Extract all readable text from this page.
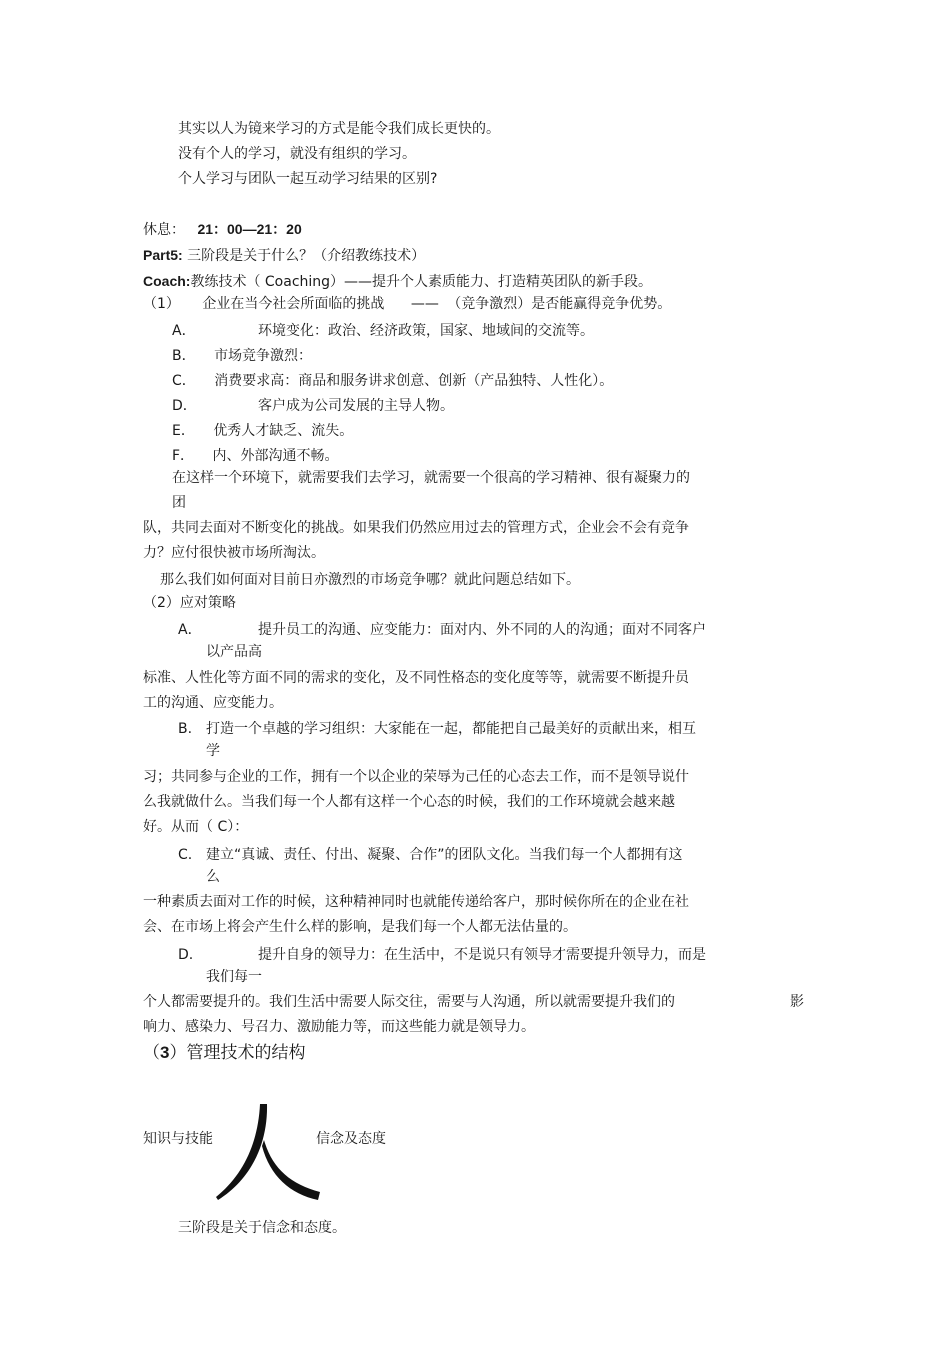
其实以人为镜来学习的方式是能令我们成长更快的。
没有个人的学习，就没有组织的学习。
个人学习与团队一起互动学习结果的区别?
休息： 21：00—21：20
Part5: 三阶段是关于什么？（介绍教练技术）
Coach:教练技术（ Coaching）——提升个人素质能力、打造精英团队的新手段。
（1） 企业在当今社会所面临的挑战 —— （竞争激烈）是否能赢得竞争优势。
A．	环境变化：政治、经济政策，国家、地域间的交流等。
B． 市场竞争激烈：
C． 消费要求高：商品和服务讲求创意、创新（产品独特、人性化）。
D．	客户成为公司发展的主导人物。
E． 优秀人才缺乏、流失。
F． 内、外部沟通不畅。
在这样一个环境下，就需要我们去学习，就需要一个很高的学习精神、很有凝聚力的
团
队，共同去面对不断变化的挑战。如果我们仍然应用过去的管理方式，企业会不会有竞争
力？应付很快被市场所淘汰。
那么我们如何面对目前日亦激烈的市场竞争哪？就此问题总结如下。
（2）应对策略
A．	提升员工的沟通、应变能力：面对内、外不同的人的沟通；面对不同客户
以产品高
标准、人性化等方面不同的需求的变化，及不同性格态的变化度等等，就需要不断提升员
工的沟通、应变能力。
B. 打造一个卓越的学习组织：大家能在一起，都能把自己最美好的贡献出来，相互
学
习；共同参与企业的工作，拥有一个以企业的荣辱为己任的心态去工作，而不是领导说什
么我就做什么。当我们每一个人都有这样一个心态的时候，我们的工作环境就会越来越
好。从而（ C）：
C. 建立“真诚、责任、付出、凝聚、合作”的团队文化。当我们每一个人都拥有这
么
一种素质去面对工作的时候，这种精神同时也就能传递给客户，那时候你所在的企业在社
会、在市场上将会产生什么样的影响，是我们每一个人都无法估量的。
D.	提升自身的领导力：在生活中，不是说只有领导才需要提升领导力，而是
我们每一
个人都需要提升的。我们生活中需要人际交往，需要与人沟通，所以就需要提升我们的	影
响力、感染力、号召力、激励能力等，而这些能力就是领导力。
（3）管理技术的结构
知识与技能	信念及态度
三阶段是关于信念和态度。
